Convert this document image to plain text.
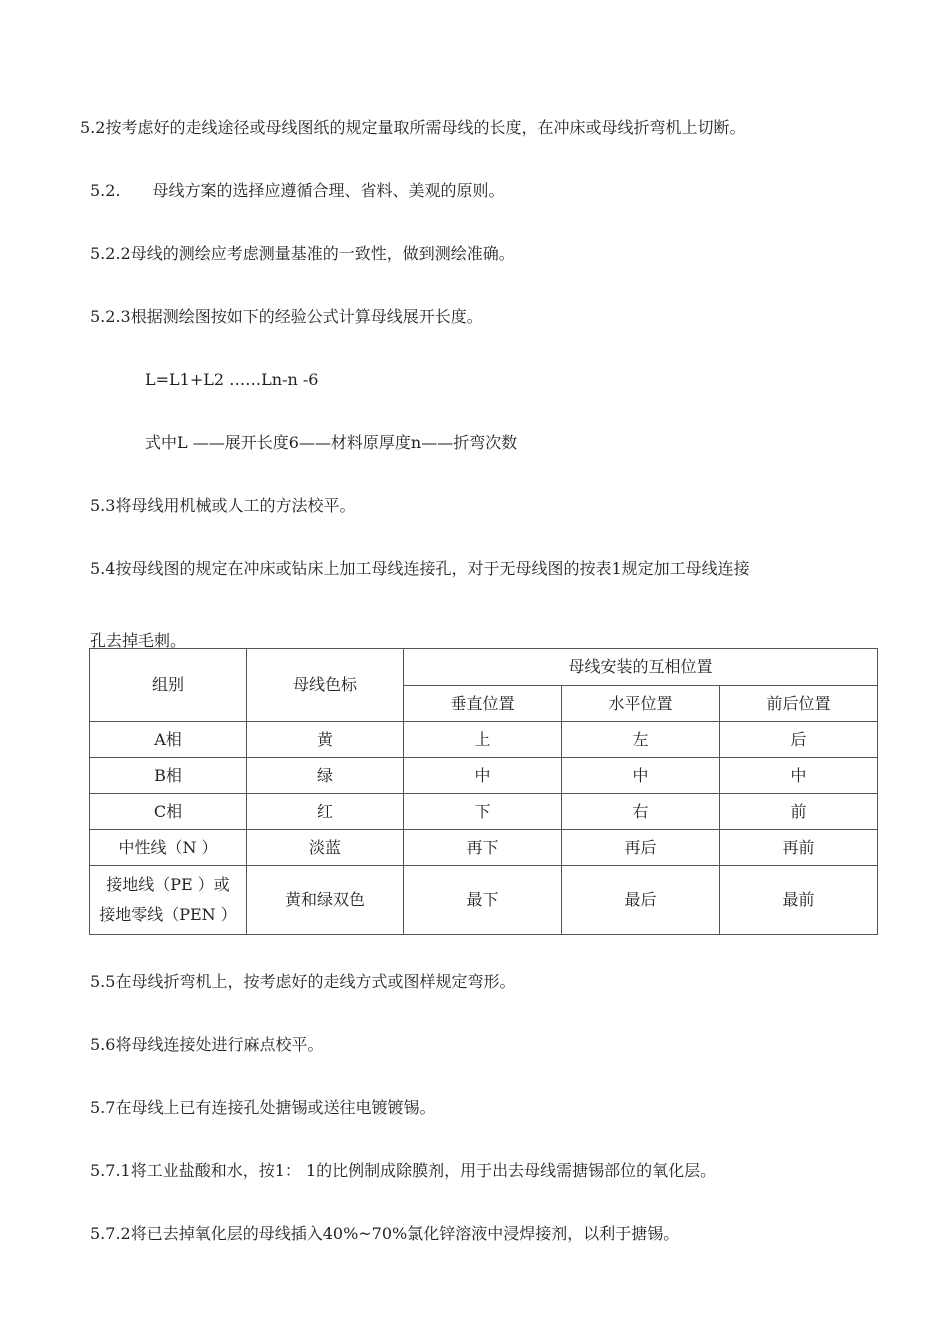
5.2按考虑好的走线途径或母线图纸的规定量取所需母线的长度，在冲床或母线折弯机上切断。
5.2.　　母线方案的选择应遵循合理、省料、美观的原则。
5.2.2母线的测绘应考虑测量基准的一致性，做到测绘准确。
5.2.3根据测绘图按如下的经验公式计算母线展开长度。
L=L1+L2 ……Ln-n -6
式中L ——展开长度6——材料原厚度n——折弯次数
5.3将母线用机械或人工的方法校平。
5.4按母线图的规定在冲床或钻床上加工母线连接孔，对于无母线图的按表1规定加工母线连接
孔去掉毛刺。
组别	母线色标	母线安装的互相位置		
		垂直位置	水平位置	前后位置
A相	黄	上	左	后
B相	绿	中	中	中
C相	红	下	右	前
中性线（N ）	淡蓝	再下	再后	再前

接地线（PE ）或
接地零线（PEN ）	黄和绿双色	最下	最后	最前
5.5在母线折弯机上，按考虑好的走线方式或图样规定弯形。
5.6将母线连接处进行麻点校平。
5.7在母线上已有连接孔处搪锡或送往电镀镀锡。
5.7.1将工业盐酸和水，按1： 1的比例制成除膜剂，用于出去母线需搪锡部位的氧化层。
5.7.2将已去掉氧化层的母线插入40%~70%氯化锌溶液中浸焊接剂，以利于搪锡。
